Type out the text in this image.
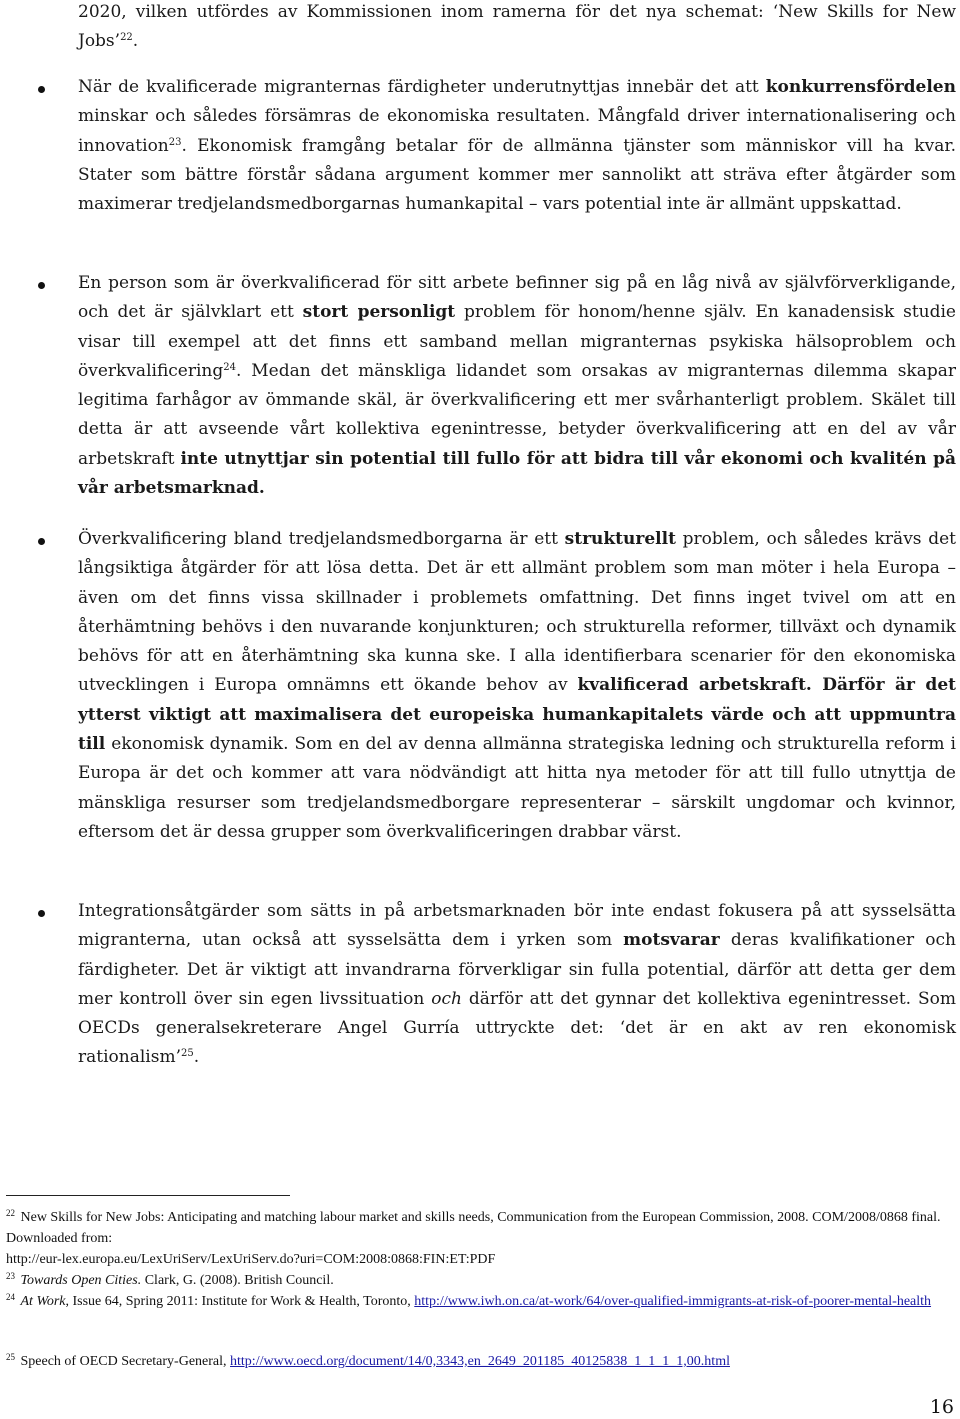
2020, vilken utfördes av Kommissionen inom ramerna för det nya schemat: ‘New Skills for New Jobs’$^{22}$.
När de kvalificerade migranternas färdigheter underutnyttjas innebär det att konkurrensfördelen minskar och således försämras de ekonomiska resultaten. Mångfald driver internationalisering och innovation$^{23}$. Ekonomisk framgång betalar för de allmänna tjänster som människor vill ha kvar. Stater som bättre förstår sådana argument kommer mer sannolikt att sträva efter åtgärder som maximerar tredjelandsmedborgarnas humankapital – vars potential inte är allmänt uppskattad.
En person som är överkvalificerad för sitt arbete befinner sig på en låg nivå av självförverkligande, och det är självklart ett stort personligt problem för honom/henne själv. En kanadensisk studie visar till exempel att det finns ett samband mellan migranternas psykiska hälsoproblem och överkvalificering$^{24}$. Medan det mänskliga lidandet som orsakas av migranternas dilemma skapar legitima farhågor av ömmande skäl, är överkvalificering ett mer svårhanterligt problem. Skälet till detta är att avseende vårt kollektiva egenintresse, betyder överkvalificering att en del av vår arbetskraft inte utnyttjar sin potential till fullo för att bidra till vår ekonomi och kvalitén på vår arbetsmarknad.
Överkvalificering bland tredjelandsmedborgarna är ett strukturellt problem, och således krävs det långsiktiga åtgärder för att lösa detta. Det är ett allmänt problem som man möter i hela Europa – även om det finns vissa skillnader i problemets omfattning. Det finns inget tvivel om att en återhämtning behövs i den nuvarande konjunkturen; och strukturella reformer, tillväxt och dynamik behövs för att en återhämtning ska kunna ske. I alla identifierbara scenarier för den ekonomiska utvecklingen i Europa omnämns ett ökande behov av kvalificerad arbetskraft. Därför är det ytterst viktigt att maximalisera det europeiska humankapitalets värde och att uppmuntra till ekonomisk dynamik. Som en del av denna allmänna strategiska ledning och strukturella reform i Europa är det och kommer att vara nödvändigt att hitta nya metoder för att till fullo utnyttja de mänskliga resurser som tredjelandsmedborgare representerar – särskilt ungdomar och kvinnor, eftersom det är dessa grupper som överkvalificeringen drabbar värst.
Integrationsåtgärder som sätts in på arbetsmarknaden bör inte endast fokusera på att sysselsätta migranterna, utan också att sysselsätta dem i yrken som motsvarar deras kvalifikationer och färdigheter. Det är viktigt att invandrarna förverkligar sin fulla potential, därför att detta ger dem mer kontroll över sin egen livssituation och därför att det gynnar det kollektiva egenintresset. Som OECDs generalsekreterare Angel Gurría uttryckte det: ‘det är en akt av ren ekonomisk rationalism’$^{25}$.
$^{22}$ New Skills for New Jobs: Anticipating and matching labour market and skills needs, Communication from the European Commission, 2008. COM/2008/0868 final. Downloaded from:
http://eur-lex.europa.eu/LexUriServ/LexUriServ.do?uri=COM:2008:0868:FIN:ET:PDF
$^{23}$ Towards Open Cities. Clark, G. (2008). British Council.
$^{24}$ At Work, Issue 64, Spring 2011: Institute for Work & Health, Toronto, http://www.iwh.on.ca/at-work/64/over-qualified-immigrants-at-risk-of-poorer-mental-health
$^{25}$ Speech of OECD Secretary-General, http://www.oecd.org/document/14/0,3343,en_2649_201185_40125838_1_1_1_1,00.html
16
